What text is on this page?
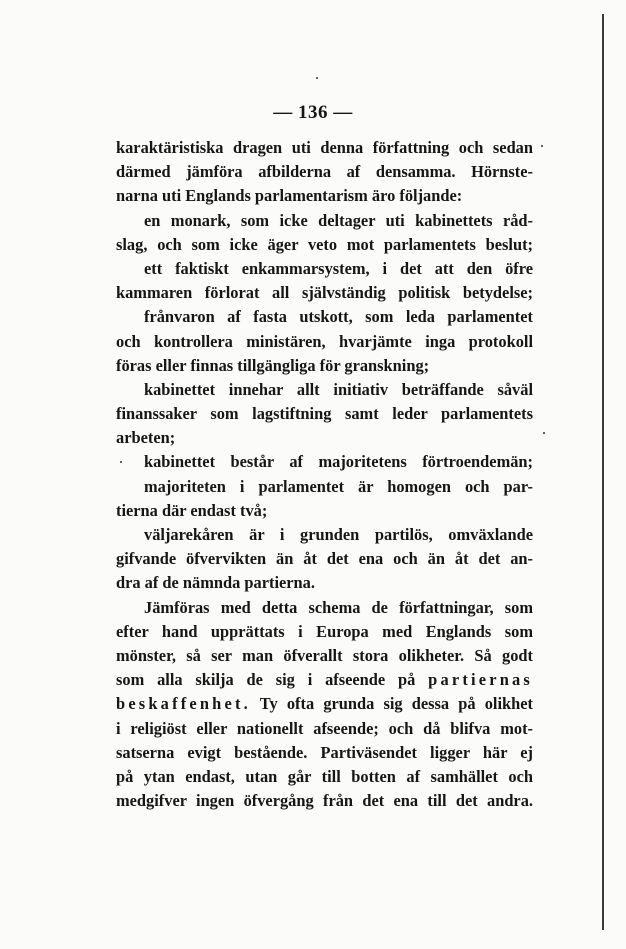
— 136 —
karaktäristiska dragen uti denna författning och sedan
därmed jämföra afbilderna af densamma. Hörnste-
narna uti Englands parlamentarism äro följande:
en monark, som icke deltager uti kabinettets råd-
slag, och som icke äger veto mot parlamentets beslut;
ett faktiskt enkammarsystem, i det att den öfre
kammaren förlorat all självständig politisk betydelse;
frånvaron af fasta utskott, som leda parlamentet
och kontrollera ministären, hvarjämte inga protokoll
föras eller finnas tillgängliga för granskning;
kabinettet innehar allt initiativ beträffande såväl
finanssaker som lagstiftning samt leder parlamentets
arbeten;
kabinettet består af majoritetens förtroendemän;
majoriteten i parlamentet är homogen och par-
tierna där endast två;
väljarekåren är i grunden partilös, omväxlande
gifvande öfvervikten än åt det ena och än åt det an-
dra af de nämnda partierna.
Jämföras med detta schema de författningar, som
efter hand upprättats i Europa med Englands som
mönster, så ser man öfverallt stora olikheter. Så godt
som alla skilja de sig i afseende på partiernas
beskaffenhet. Ty ofta grunda sig dessa på olikhet
i religiöst eller nationellt afseende; och då blifva mot-
satserna evigt bestående. Partiväsendet ligger här ej
på ytan endast, utan går till botten af samhället och
medgifver ingen öfvergång från det ena till det andra.
